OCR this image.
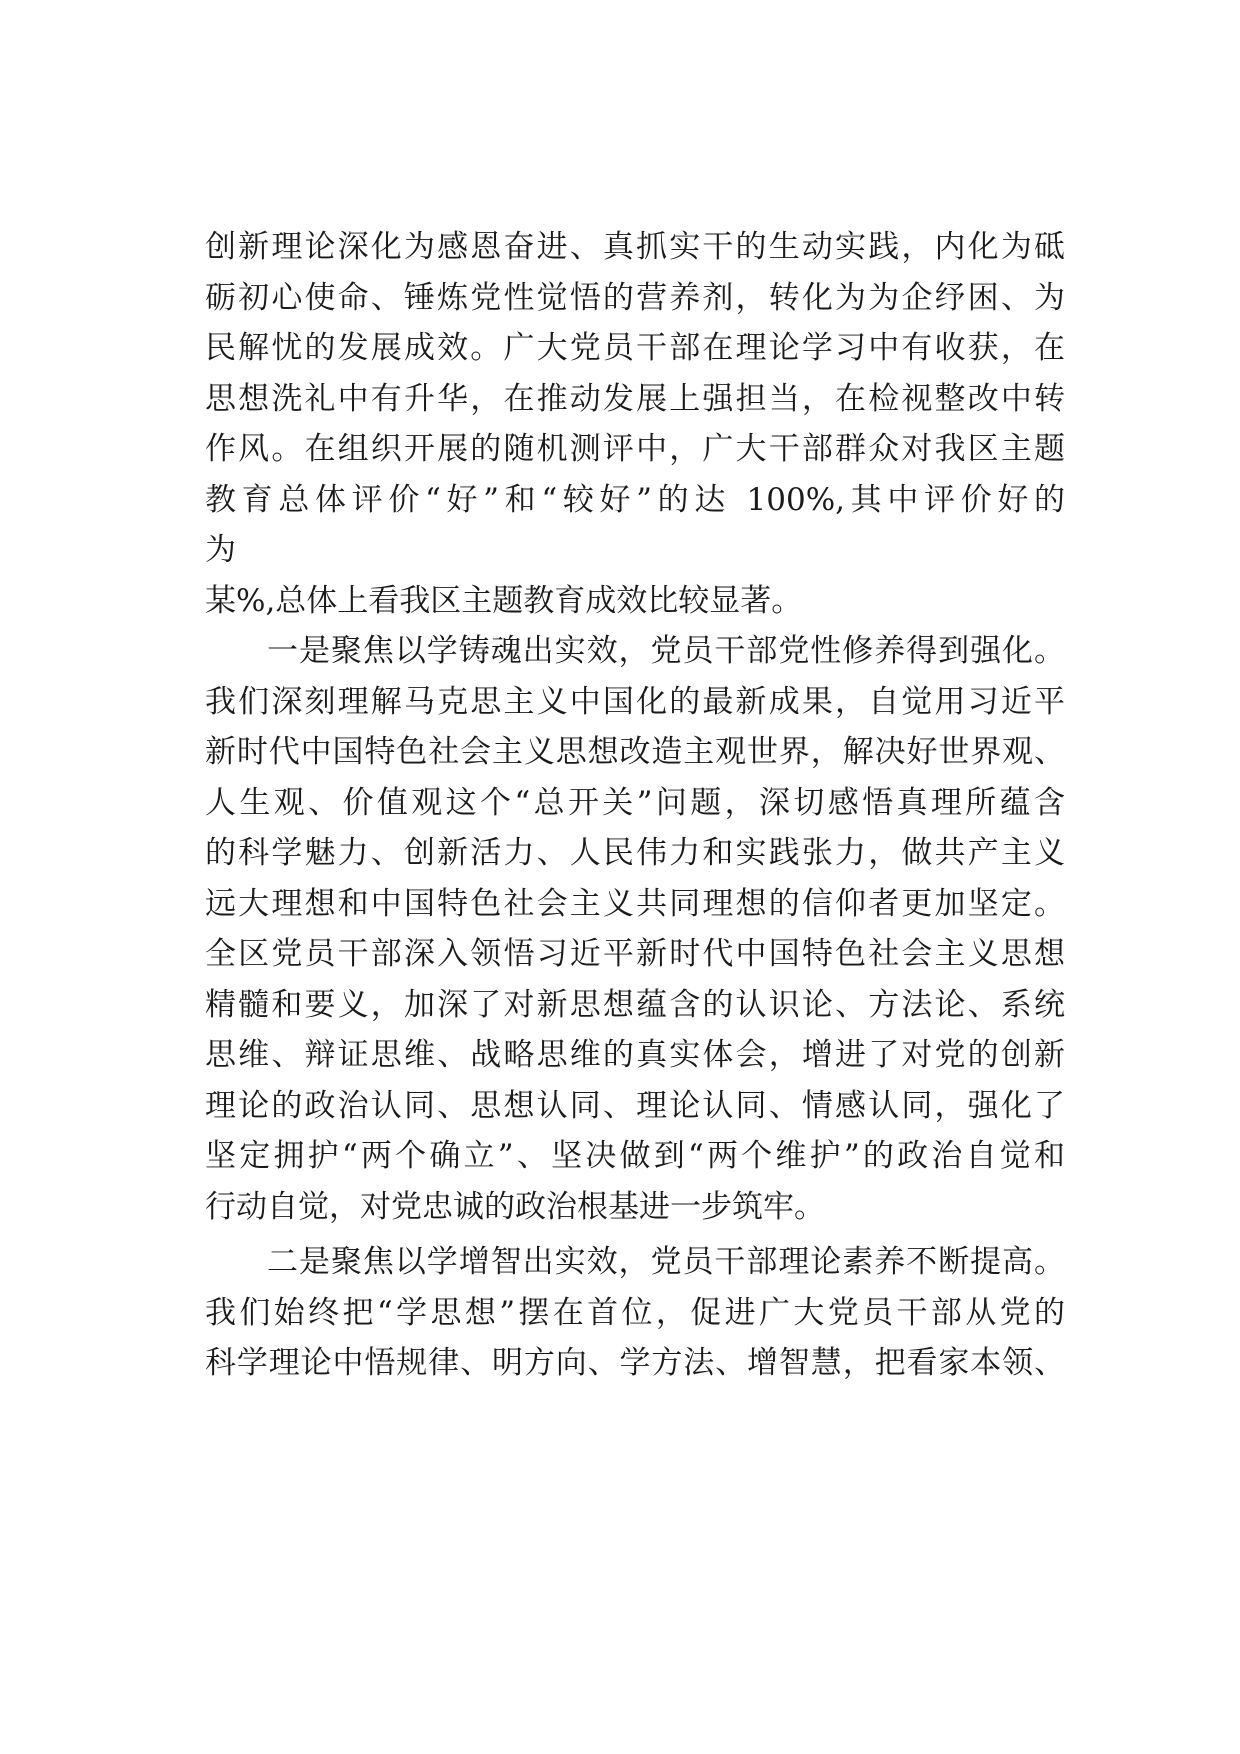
创新理论深化为感恩奋进、真抓实干的生动实践，内化为砥
砺初心使命、锤炼党性觉悟的营养剂，转化为为企纾困、为
民解忧的发展成效。广大党员干部在理论学习中有收获，在
思想洗礼中有升华，在推动发展上强担当，在检视整改中转
作风。在组织开展的随机测评中，广大干部群众对我区主题
教育总体评价“好”和“较好”的达 100%,其中评价好的
为
某%,总体上看我区主题教育成效比较显著。
一是聚焦以学铸魂出实效，党员干部党性修养得到强化。
我们深刻理解马克思主义中国化的最新成果，自觉用习近平
新时代中国特色社会主义思想改造主观世界，解决好世界观、
人生观、价值观这个“总开关”问题，深切感悟真理所蕴含
的科学魅力、创新活力、人民伟力和实践张力，做共产主义
远大理想和中国特色社会主义共同理想的信仰者更加坚定。
全区党员干部深入领悟习近平新时代中国特色社会主义思想
精髓和要义，加深了对新思想蕴含的认识论、方法论、系统
思维、辩证思维、战略思维的真实体会，增进了对党的创新
理论的政治认同、思想认同、理论认同、情感认同，强化了
坚定拥护“两个确立”、坚决做到“两个维护”的政治自觉和
行动自觉，对党忠诚的政治根基进一步筑牢。
二是聚焦以学增智出实效，党员干部理论素养不断提高。
我们始终把“学思想”摆在首位，促进广大党员干部从党的
科学理论中悟规律、明方向、学方法、增智慧，把看家本领、
